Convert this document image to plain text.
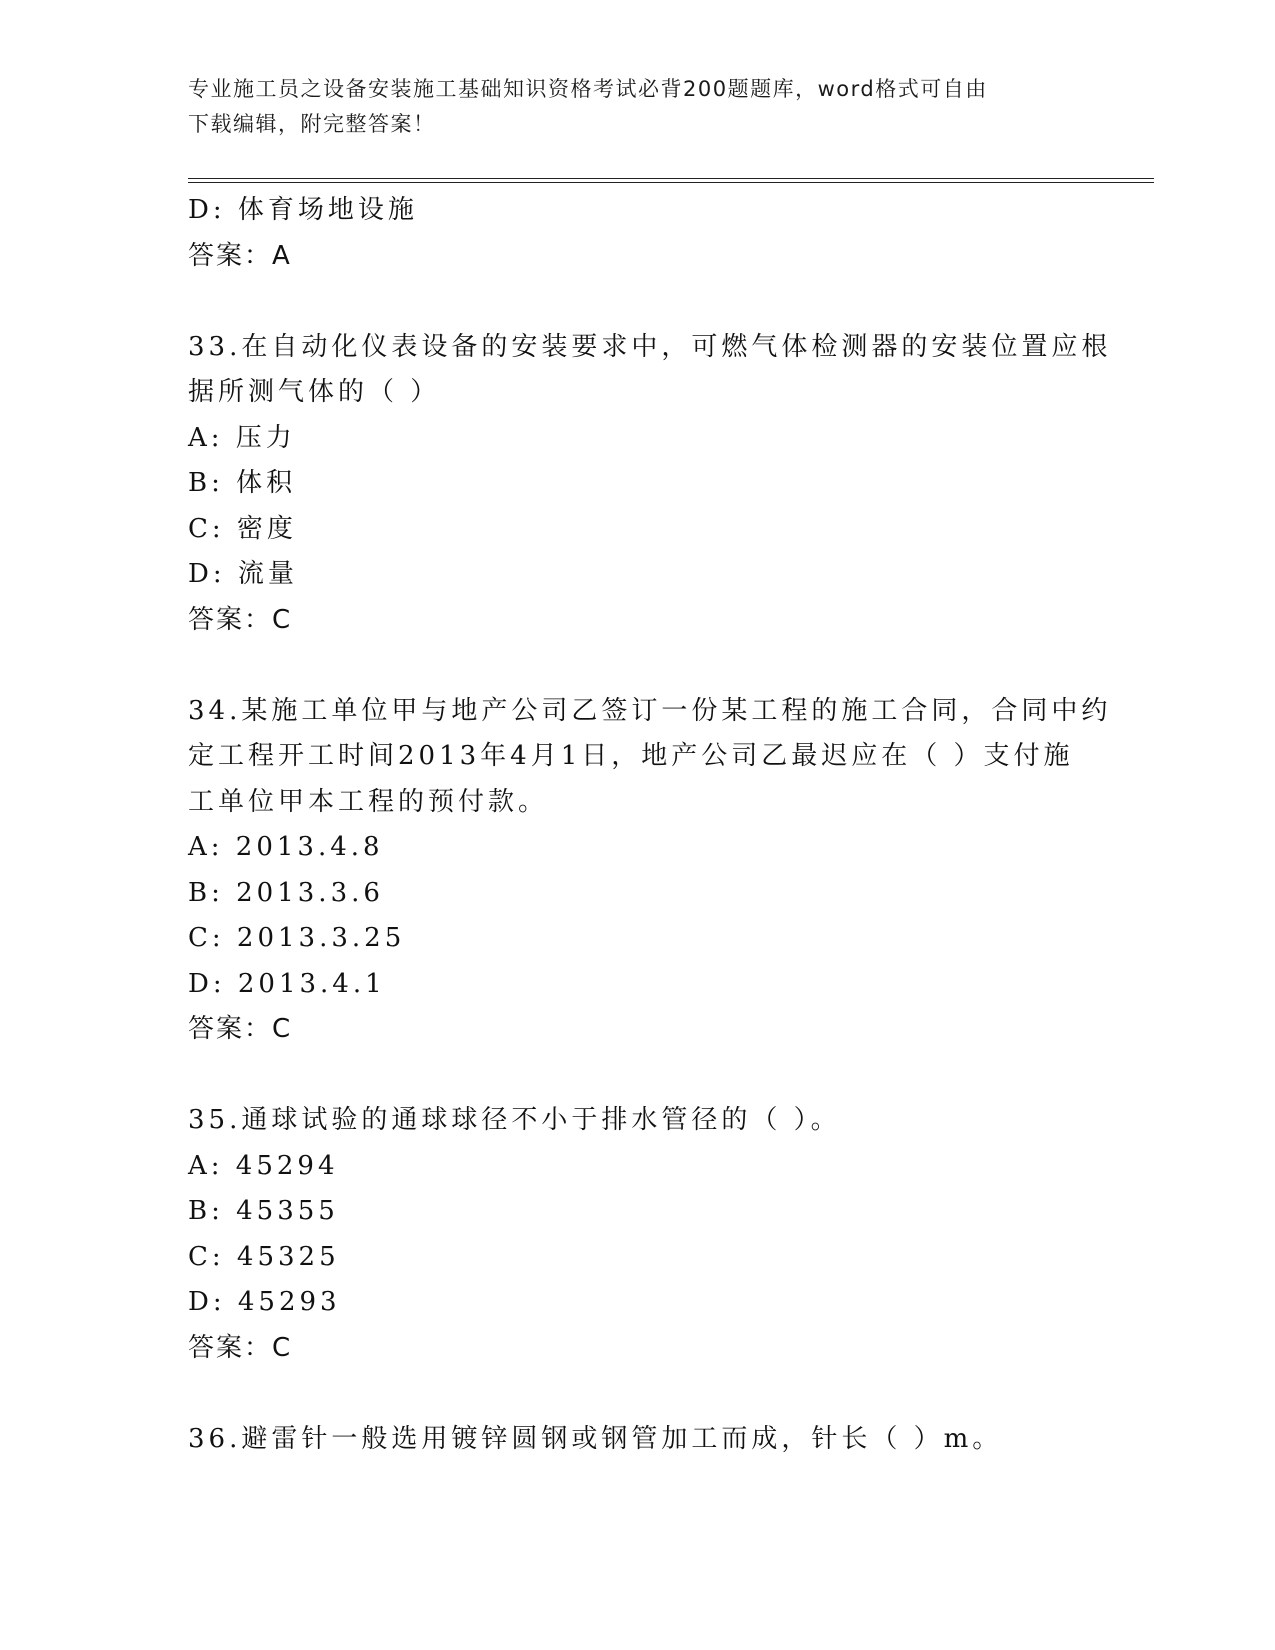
专业施工员之设备安装施工基础知识资格考试必背200题题库，word格式可自由
下载编辑，附完整答案！
D: 体育场地设施
答案：A
33.在自动化仪表设备的安装要求中，可燃气体检测器的安装位置应根
据所测气体的（ ）
A: 压力
B: 体积
C: 密度
D: 流量
答案：C
34.某施工单位甲与地产公司乙签订一份某工程的施工合同，合同中约
定工程开工时间2013年4月1日，地产公司乙最迟应在（ ）支付施
工单位甲本工程的预付款。
A: 2013.4.8
B: 2013.3.6
C: 2013.3.25
D: 2013.4.1
答案：C
35.通球试验的通球球径不小于排水管径的（ ）。
A: 45294
B: 45355
C: 45325
D: 45293
答案：C
36.避雷针一般选用镀锌圆钢或钢管加工而成，针长（ ）m。
